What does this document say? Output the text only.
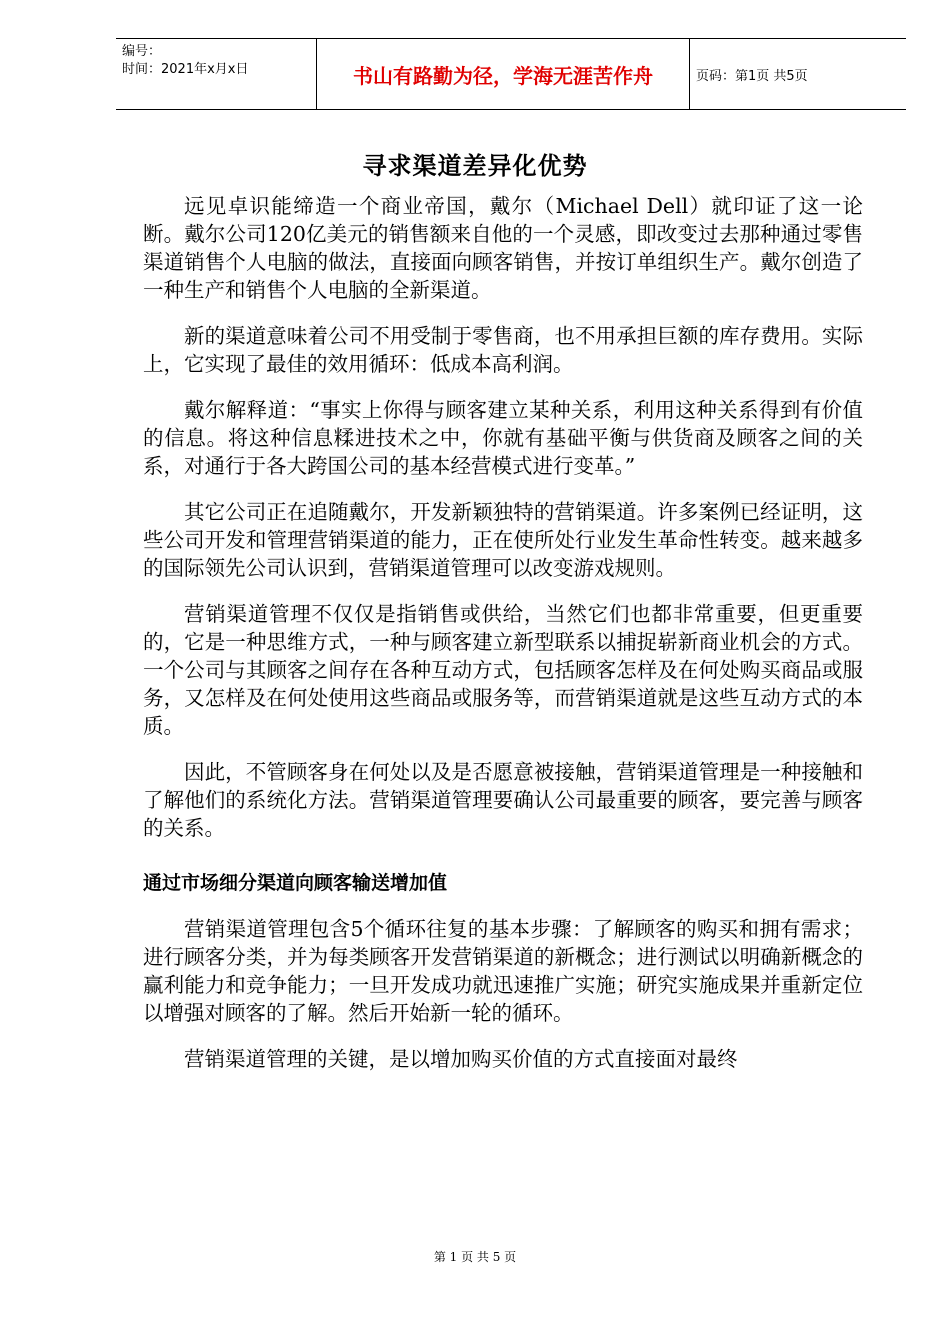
编号：
时间：2021年x月x日	书山有路勤为径，学海无涯苦作舟	页码：第1页 共5页
寻求渠道差异化优势

远见卓识能缔造一个商业帝国，戴尔（Michael Dell）就印证了这一论断。戴尔公司120亿美元的销售额来自他的一个灵感，即改变过去那种通过零售渠道销售个人电脑的做法，直接面向顾客销售，并按订单组织生产。戴尔创造了一种生产和销售个人电脑的全新渠道。

新的渠道意味着公司不用受制于零售商，也不用承担巨额的库存费用。实际上，它实现了最佳的效用循环：低成本高利润。

戴尔解释道：“事实上你得与顾客建立某种关系，利用这种关系得到有价值的信息。将这种信息糅进技术之中，你就有基础平衡与供货商及顾客之间的关系，对通行于各大跨国公司的基本经营模式进行变革。”

其它公司正在追随戴尔，开发新颖独特的营销渠道。许多案例已经证明，这些公司开发和管理营销渠道的能力，正在使所处行业发生革命性转变。越来越多的国际领先公司认识到，营销渠道管理可以改变游戏规则。

营销渠道管理不仅仅是指销售或供给，当然它们也都非常重要，但更重要的，它是一种思维方式，一种与顾客建立新型联系以捕捉崭新商业机会的方式。一个公司与其顾客之间存在各种互动方式，包括顾客怎样及在何处购买商品或服务，又怎样及在何处使用这些商品或服务等，而营销渠道就是这些互动方式的本质。

因此，不管顾客身在何处以及是否愿意被接触，营销渠道管理是一种接触和了解他们的系统化方法。营销渠道管理要确认公司最重要的顾客，要完善与顾客的关系。

通过市场细分渠道向顾客输送增加值

营销渠道管理包含5个循环往复的基本步骤：了解顾客的购买和拥有需求；进行顾客分类，并为每类顾客开发营销渠道的新概念；进行测试以明确新概念的赢利能力和竞争能力；一旦开发成功就迅速推广实施；研究实施成果并重新定位以增强对顾客的了解。然后开始新一轮的循环。

营销渠道管理的关键，是以增加购买价值的方式直接面对最终

第 1 页 共 5 页
